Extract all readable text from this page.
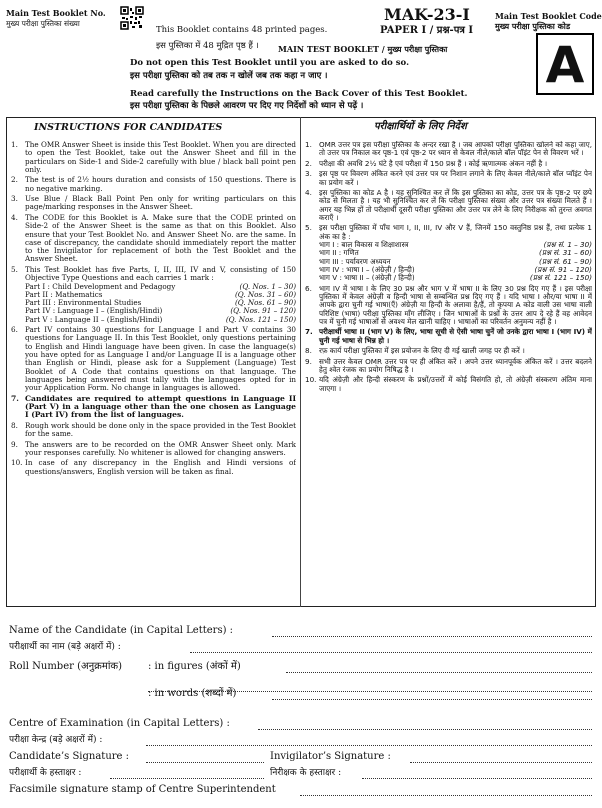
Main Test Booklet No.
मुख्य परीक्षा पुस्तिका संख्या
This Booklet contains 48 printed pages.
इस पुस्तिका में 48 मुद्रित पृष्ठ हैं ।
MAK-23-I
PAPER I / प्रश्न-पत्र I
Main Test Booklet Code
मुख्य परीक्षा पुस्तिका कोड
A
MAIN TEST BOOKLET / मुख्य परीक्षा पुस्तिका
Do not open this Test Booklet until you are asked to do so.
इस परीक्षा पुस्तिका को तब तक न खोलें जब तक कहा न जाए ।
Read carefully the Instructions on the Back Cover of this Test Booklet.
इस परीक्षा पुस्तिका के पिछले आवरण पर दिए गए निर्देशों को ध्यान से पढ़ें ।
INSTRUCTIONS FOR CANDIDATES	परीक्षार्थियों के लिए निर्देश
1. The OMR Answer Sheet is inside this Test Booklet. When you are directed to open the Test Booklet, take out the Answer Sheet and fill in the particulars on Side-1 and Side-2 carefully with blue / black ball point pen only.
2. The test is of 2½ hours duration and consists of 150 questions. There is no negative marking.
3. Use Blue / Black Ball Point Pen only for writing particulars on this page/marking responses in the Answer Sheet.
4. The CODE for this Booklet is A. Make sure that the CODE printed on Side-2 of the Answer Sheet is the same as that on this Booklet. Also ensure that your Test Booklet No. and Answer Sheet No. are the same. In case of discrepancy, the candidate should immediately report the matter to the Invigilator for replacement of both the Test Booklet and the Answer Sheet.
5. This Test Booklet has five Parts, I, II, III, IV and V, consisting of 150 Objective Type Questions and each carries 1 mark :
Part I : Child Development and Pedagogy	(Q. Nos. 1 – 30)
Part II : Mathematics	(Q. Nos. 31 – 60)
Part III : Environmental Studies	(Q. Nos. 61 – 90)
Part IV : Language I – (English/Hindi)	(Q. Nos. 91 – 120)
Part V : Language II – (English/Hindi)	(Q. Nos. 121 – 150)
6. Part IV contains 30 questions for Language I and Part V contains 30 questions for Language II. In this Test Booklet, only questions pertaining to English and Hindi language have been given. In case the language(s) you have opted for as Language I and/or Language II is a language other than English or Hindi, please ask for a Supplement (Language) Test Booklet of A Code that contains questions on that language. The languages being answered must tally with the languages opted for in your Application Form. No change in languages is allowed.
7. Candidates are required to attempt questions in Language II (Part V) in a language other than the one chosen as Language I (Part IV) from the list of languages.
8. Rough work should be done only in the space provided in the Test Booklet for the same.
9. The answers are to be recorded on the OMR Answer Sheet only. Mark your responses carefully. No whitener is allowed for changing answers.
10. In case of any discrepancy in the English and Hindi versions of questions/answers, English version will be taken as final.
1. OMR उत्तर पत्र इस परीक्षा पुस्तिका के अन्दर रखा है । जब आपको परीक्षा पुस्तिका खोलने को कहा जाए, तो उत्तर पत्र निकाल कर पृष्ठ-1 एवं पृष्ठ-2 पर ध्यान से केवल नीले/काले बॉल पॉइंट पेन से विवरण भरें ।
2. परीक्षा की अवधि 2½ घंटे है एवं परीक्षा में 150 प्रश्न हैं । कोई ऋणात्मक अंकन नहीं है ।
3. इस पृष्ठ पर विवरण अंकित करने एवं उत्तर पत्र पर निशान लगाने के लिए केवल नीले/काले बॉल प्वॉइंट पेन का प्रयोग करें ।
4. इस पुस्तिका का कोड A है । यह सुनिश्चित कर लें कि इस पुस्तिका का कोड, उत्तर पत्र के पृष्ठ-2 पर छपे कोड से मिलता है । यह भी सुनिश्चित कर लें कि परीक्षा पुस्तिका संख्या और उत्तर पत्र संख्या मिलते हैं । अगर यह भिन्न हों तो परीक्षार्थी दूसरी परीक्षा पुस्तिका और उत्तर पत्र लेने के लिए निरीक्षक को तुरन्त अवगत कराएँ ।
5. इस परीक्षा पुस्तिका में पाँच भाग I, II, III, IV और V हैं, जिनमें 150 वस्तुनिष्ठ प्रश्न हैं, तथा प्रत्येक 1 अंक का है :
भाग I : बाल विकास व शिक्षाशास्त्र	(प्रश्न सं. 1 – 30)
भाग II : गणित	(प्रश्न सं. 31 – 60)
भाग III : पर्यावरण अध्ययन	(प्रश्न सं. 61 – 90)
भाग IV : भाषा I – (अंग्रेज़ी / हिन्दी)	(प्रश्न सं. 91 – 120)
भाग V : भाषा II – (अंग्रेज़ी / हिन्दी)	(प्रश्न सं. 121 – 150)
6. भाग IV में भाषा I के लिए 30 प्रश्न और भाग V में भाषा II के लिए 30 प्रश्न दिए गए हैं । इस परीक्षा पुस्तिका में केवल अंग्रेज़ी व हिन्दी भाषा से सम्बन्धित प्रश्न दिए गए हैं । यदि भाषा I और/या भाषा II में आपके द्वारा चुनी गई भाषा(एँ) अंग्रेज़ी या हिन्दी के अलावा है/हैं, तो कृपया A कोड वाली उस भाषा वाली परिशिष्ट (भाषा) परीक्षा पुस्तिका माँग लीजिए । जिन भाषाओं के प्रश्नों के उत्तर आप दे रहे हैं वह आवेदन पत्र में चुनी गई भाषाओं से अवश्य मेल खानी चाहिए । भाषाओं का परिवर्तन अनुमन्य नहीं है ।
7. परीक्षार्थी भाषा II (भाग V) के लिए, भाषा सूची से ऐसी भाषा चुनें जो उनके द्वारा भाषा I (भाग IV) में चुनी गई भाषा से भिन्न हो ।
8. रफ़ कार्य परीक्षा पुस्तिका में इस प्रयोजन के लिए दी गई खाली जगह पर ही करें ।
9. सभी उत्तर केवल OMR उत्तर पत्र पर ही अंकित करें । अपने उत्तर ध्यानपूर्वक अंकित करें । उत्तर बदलने हेतु श्वेत रंजक का प्रयोग निषिद्ध है ।
10. यदि अंग्रेज़ी और हिन्दी संस्करण के प्रश्नों/उत्तरों में कोई विसंगति हो, तो अंग्रेज़ी संस्करण अंतिम माना जाएगा ।
Name of the Candidate (in Capital Letters) :
परीक्षार्थी का नाम (बड़े अक्षरों में) :
Roll Number (अनुक्रमांक)	: in figures (अंकों में)
: in words (शब्दों में)
Centre of Examination (in Capital Letters) :
परीक्षा केन्द्र (बड़े अक्षरों में) :
Candidate’s Signature :	Invigilator’s Signature :
परीक्षार्थी के हस्ताक्षर :	निरीक्षक के हस्ताक्षर :
Facsimile signature stamp of Centre Superintendent
